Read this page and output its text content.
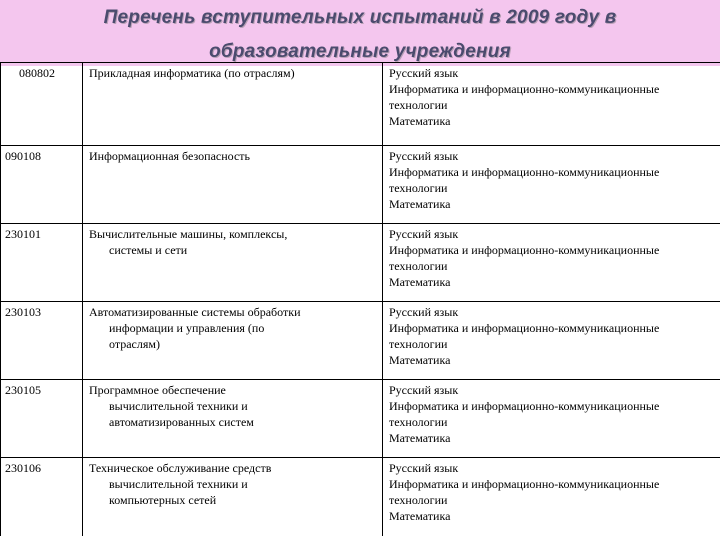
Перечень вступительных испытаний в 2009 году в
образовательные учреждения
080802	Прикладная информатика (по отраслям)	Русский язык
Информатика и информационно-коммуникационные
технологии
Математика

090108	Информационная безопасность	Русский язык
Информатика и информационно-коммуникационные
технологии
Математика

230101	Вычислительные машины, комплексы,
системы и сети	Русский язык
Информатика и информационно-коммуникационные
технологии
Математика

230103	Автоматизированные системы обработки
информации и управления (по
отраслям)	Русский язык
Информатика и информационно-коммуникационные
технологии
Математика

230105	Программное обеспечение
вычислительной техники и
автоматизированных систем	Русский язык
Информатика и информационно-коммуникационные
технологии
Математика

230106	Техническое обслуживание средств
вычислительной техники и
компьютерных сетей	Русский язык
Информатика и информационно-коммуникационные
технологии
Математика
